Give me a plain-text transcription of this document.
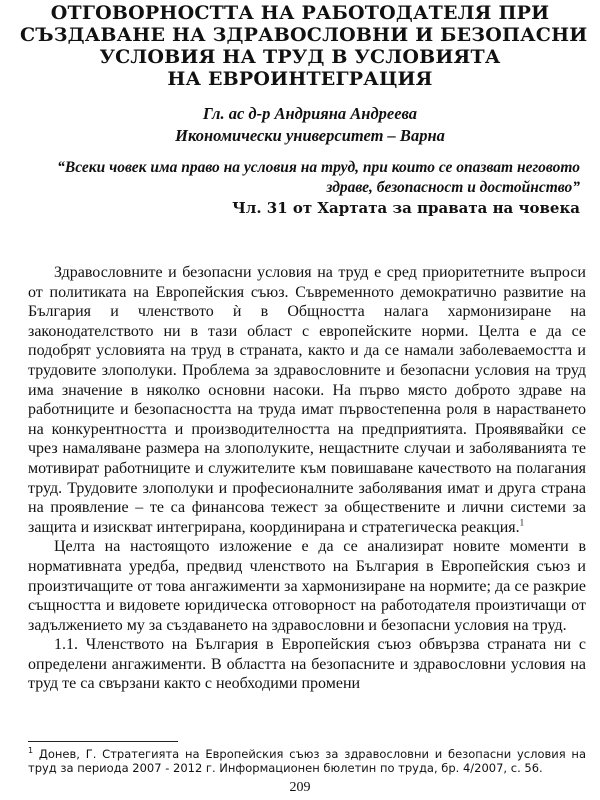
ОТГОВОРНОСТТА НА РАБОТОДАТЕЛЯ ПРИ
СЪЗДАВАНЕ НА ЗДРАВОСЛОВНИ И БЕЗОПАСНИ
УСЛОВИЯ НА ТРУД В УСЛОВИЯТА
НА ЕВРОИНТЕГРАЦИЯ
Гл. ас д-р Андрияна Андреева
Икономически университет – Варна
“Всеки човек има право на условия на труд, при които се опазват неговото здраве, безопасност и достойнство”
Чл. 31 от Хартата за правата на човека

Здравословните и безопасни условия на труд е сред приоритетните въпроси от политиката на Европейския съюз. Съвременното демократично развитие на България и членството ѝ в Общността налага хармонизиране на законодателството ни в тази област с европейските норми. Целта е да се подобрят условията на труд в страната, както и да се намали заболеваемостта и трудовите злополуки. Проблема за здравословните и безопасни условия на труд има значение в няколко основни насоки. На първо място доброто здраве на работниците и безопасността на труда имат първостепенна роля в нарастването на конкурентността и производителността на предприятията. Проявявайки се чрез намаляване размера на злополуките, нещастните случаи и заболяванията те мотивират работниците и служителите към повишаване качеството на полагания труд. Трудовите злополуки и професионалните заболявания имат и друга страна на проявление – те са финансова тежест за обществените и лични системи за защита и изискват интегрирана, координирана и стратегическа реакция.$^1$

Целта на настоящото изложение е да се анализират новите моменти в нормативната уредба, предвид членството на България в Европейския съюз и произтичащите от това ангажименти за хармонизиране на нормите; да се разкрие същността и видовете юридическа отговорност на работодателя произтичащи от задължението му за създаването на здравословни и безопасни условия на труд.

1.1. Членството на България в Европейския съюз обвързва страната ни с определени ангажименти. В областта на безопасните и здравословни условия на труд те са свързани както с необходими промени

$^1$ Донев, Г. Стратегията на Европейския съюз за здравословни и безопасни условия на труд за периода 2007 - 2012 г. Информационен бюлетин по труда, бр. 4/2007, с. 56.
209
